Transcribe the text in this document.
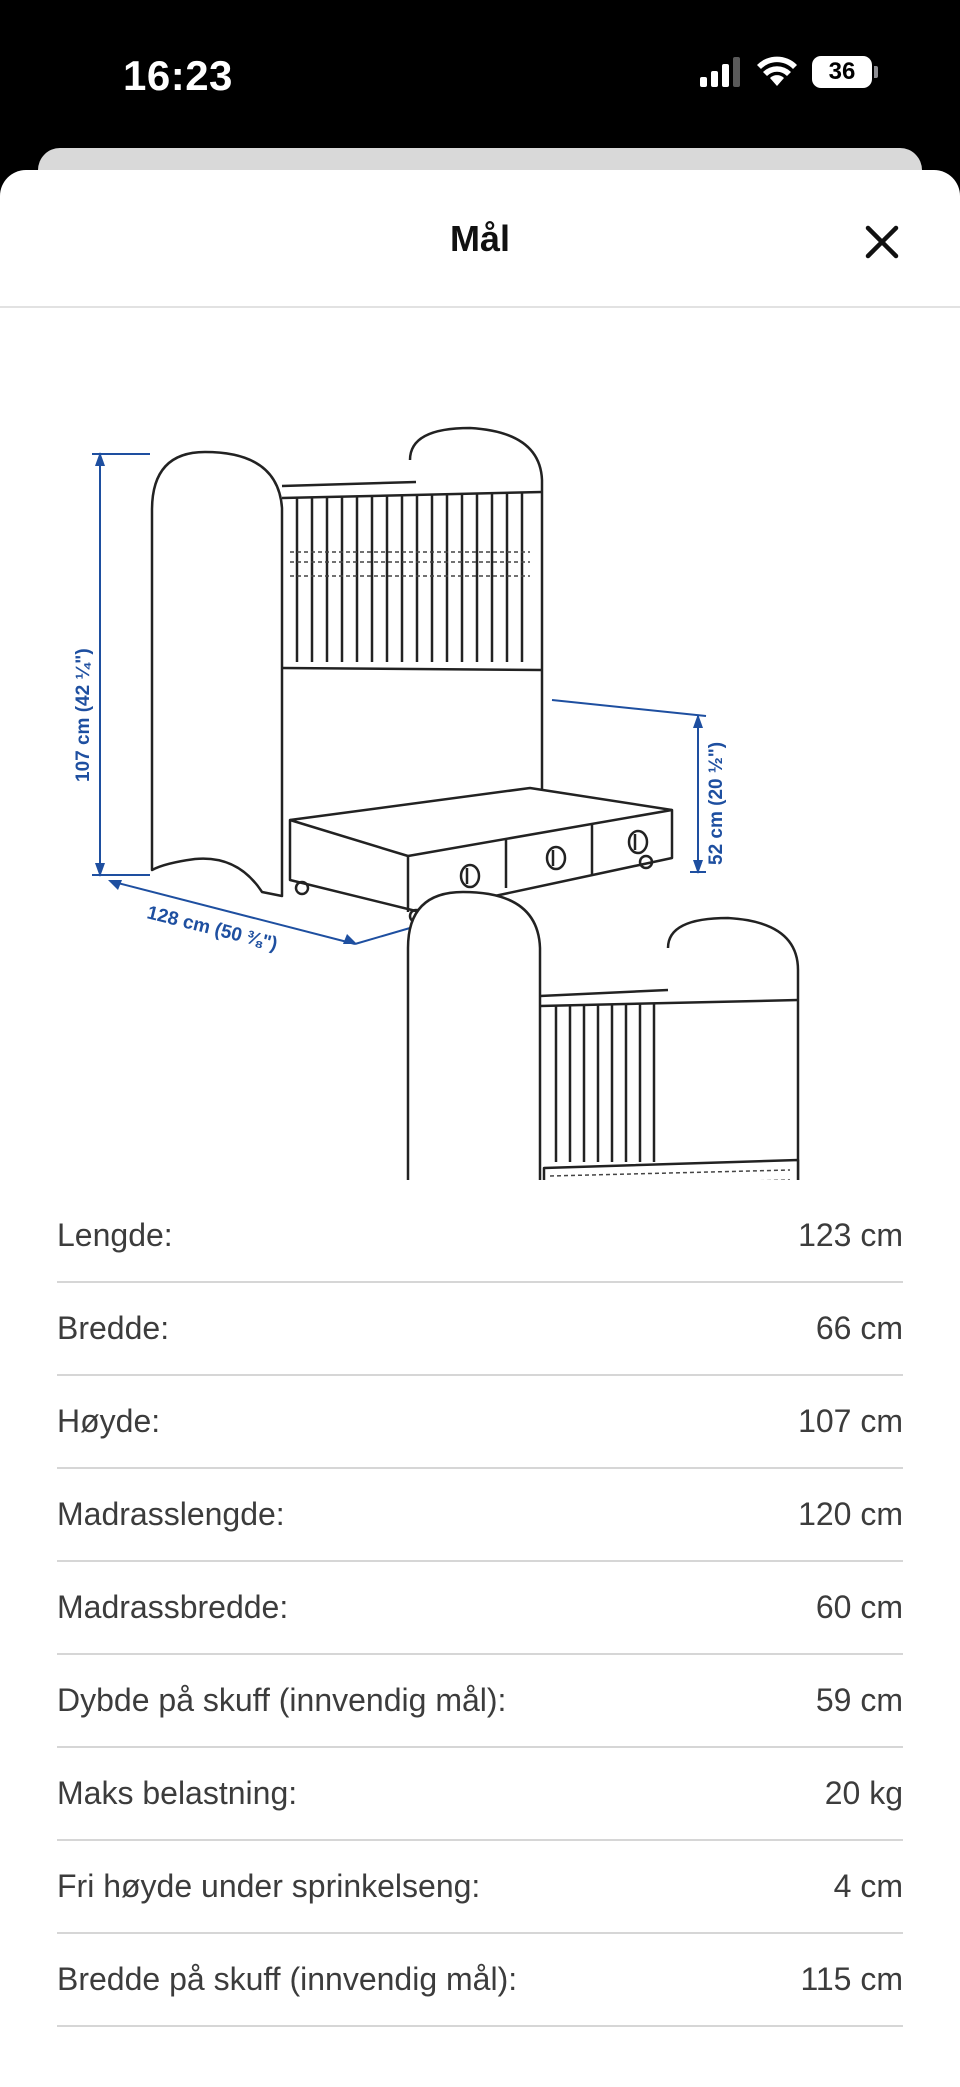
16:23	36
Mål
107 cm (42 ¼")
52 cm (20 ½")
128 cm (50 ⅜")
Lengde:	123 cm
Bredde:	66 cm
Høyde:	107 cm
Madrasslengde:	120 cm
Madrassbredde:	60 cm
Dybde på skuff (innvendig mål):	59 cm
Maks belastning:	20 kg
Fri høyde under sprinkelseng:	4 cm
Bredde på skuff (innvendig mål):	115 cm
